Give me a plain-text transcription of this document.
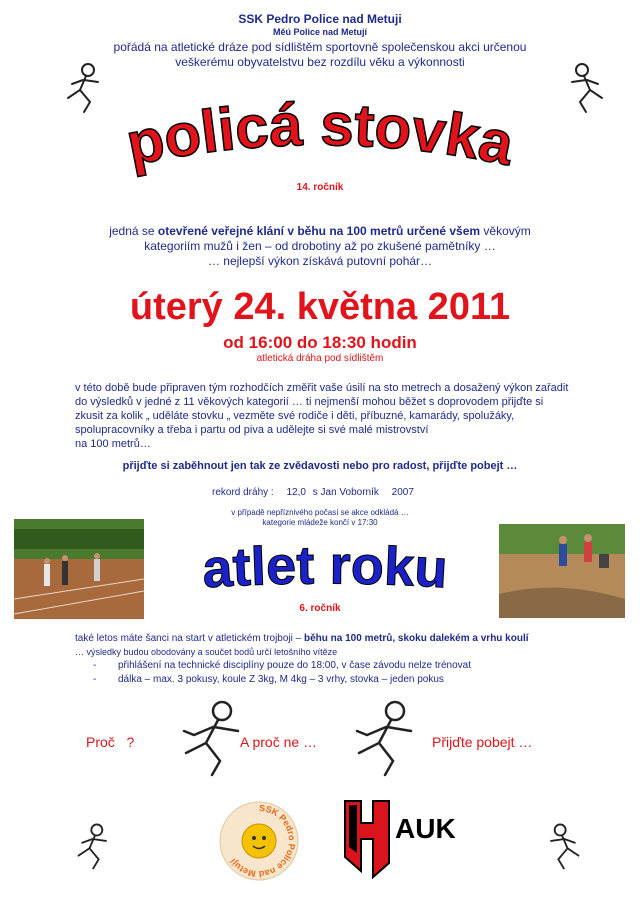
SSK Pedro Police nad Metuji
Měú Police nad Metují
pořádá na atletické dráze pod sídlištěm sportovně společenskou akci určenou
veškerému obyvatelstvu bez rozdílu věku a výkonnosti
policá stovka
14. ročník
jedná se otevřené veřejné klání v běhu na 100 metrů určené všem věkovým
kategoriím mužů i žen – od drobotiny až po zkušené pamětníky …
… nejlepší výkon získává putovní pohár…
úterý 24. května 2011
od 16:00 do 18:30 hodin
atletická dráha pod sídlištěm
v této době bude připraven tým rozhodčích změřit vaše úsilí na sto metrech a dosažený výkon zařadit
do výsledků v jedné z 11 věkových kategorií … ti nejmenší mohou běžet s doprovodem přijďte si
zkusit za kolik „ uděláte stovku „ vezměte své rodiče i děti, příbuzné, kamarády, spolužáky,
spolupracovníky a třeba i partu od piva a udělejte si své malé mistrovství
na 100 metrů…
přijďte si zaběhnout jen tak ze zvědavosti nebo pro radost, přijďte pobejt …
rekord dráhy : 12,0 s Jan Voborník 2007
v případě nepříznivého počasí se akce odkládá …
kategorie mládeže končí v 17:30
atlet roku
6. ročník
také letos máte šanci na start v atletickém trojboji – běhu na 100 metrů, skoku dalekém a vrhu koulí
… výsledky budou obodovány a součet bodů určí letošního vítěze
- přihlášení na technické disciplíny pouze do 18:00, v čase závodu nelze trénovat
- dálka – max. 3 pokusy, koule Z 3kg, M 4kg – 3 vrhy, stovka – jeden pokus
Proč   ?	A proč ne …	Přijďte pobejt …
SSK Pedro Police nad Metují
AUK
